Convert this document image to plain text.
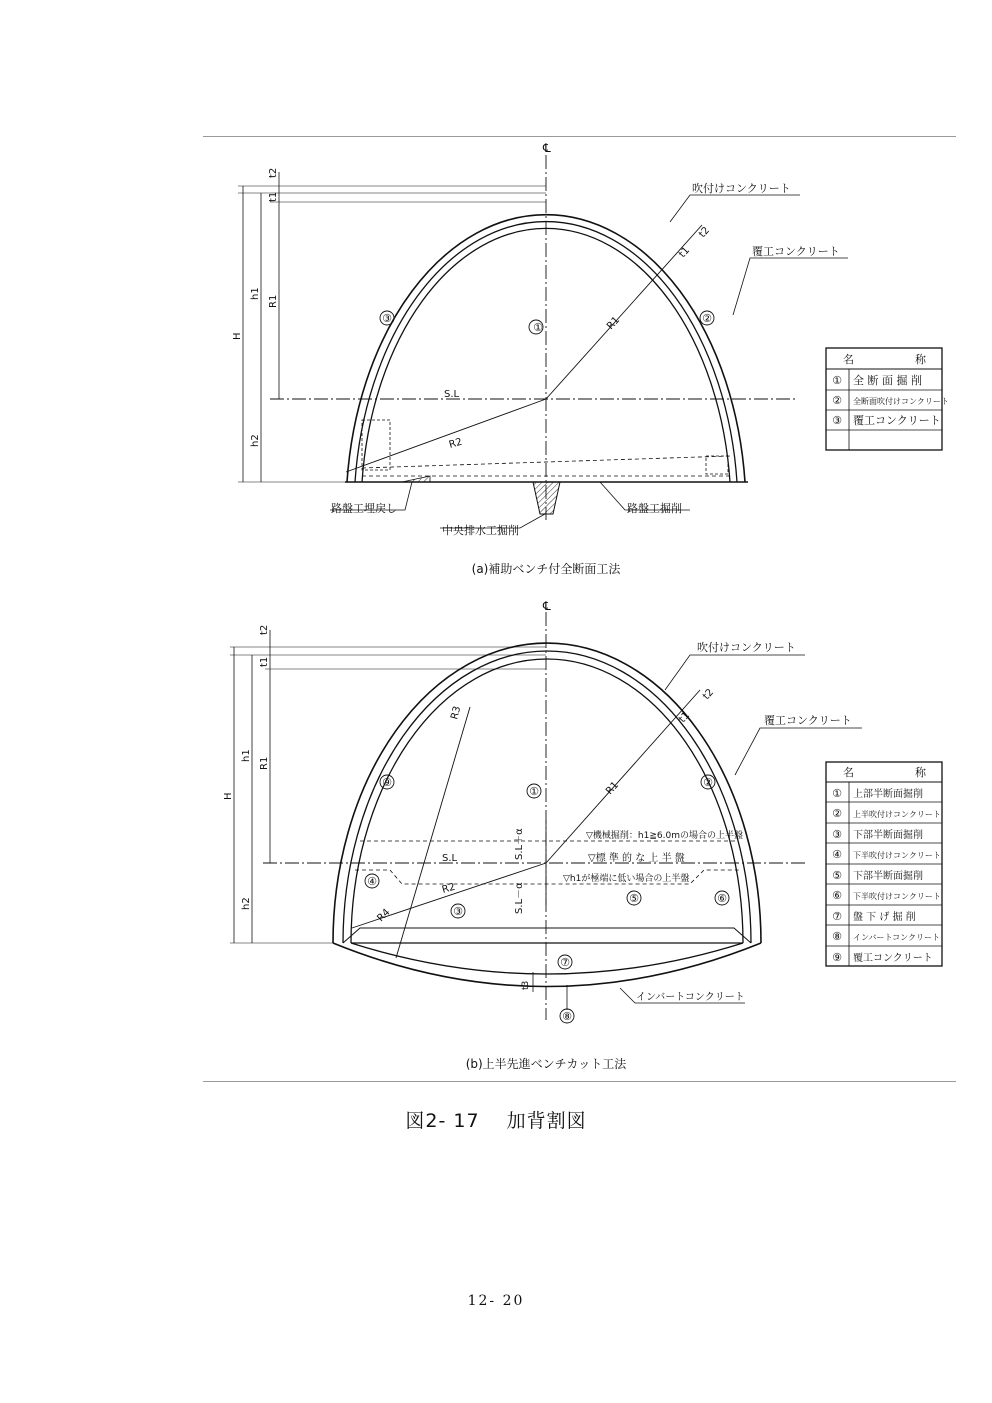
℄
①
②
③
S.L
R2
R1
t1
t2
t2
t1
h1
R1
H
h2
吹付けコンクリート
覆工コンクリート
路盤工埋戻し
中央排水工掘削
路盤工掘削
(a)補助ベンチ付全断面工法
名	称
① 全 断 面 掘 削
② 全断面吹付けコンクリート
③ 覆工コンクリート
℄
①
②
③
④
⑤	⑥
⑦
⑧
⑨
S.L
R2
R4
R3
R1
t1
t2
t2
t1
h1
R1
H
h2
t3
S.L＋α
S.L－α
▽機械掘削：h1≧6.0mの場合の上半盤
▽標 準 的 な 上 半 盤
▽h1が極端に低い場合の上半盤
吹付けコンクリート
覆工コンクリート
インバートコンクリート
(b)上半先進ベンチカット工法
名	称
① 上部半断面掘削
② 上半吹付けコンクリート
③ 下部半断面掘削
④ 下半吹付けコンクリート
⑤ 下部半断面掘削
⑥ 下半吹付けコンクリート
⑦ 盤 下 げ 掘 削
⑧ インバートコンクリート
⑨ 覆工コンクリート
図2- 17　 加背割図
12- 20
